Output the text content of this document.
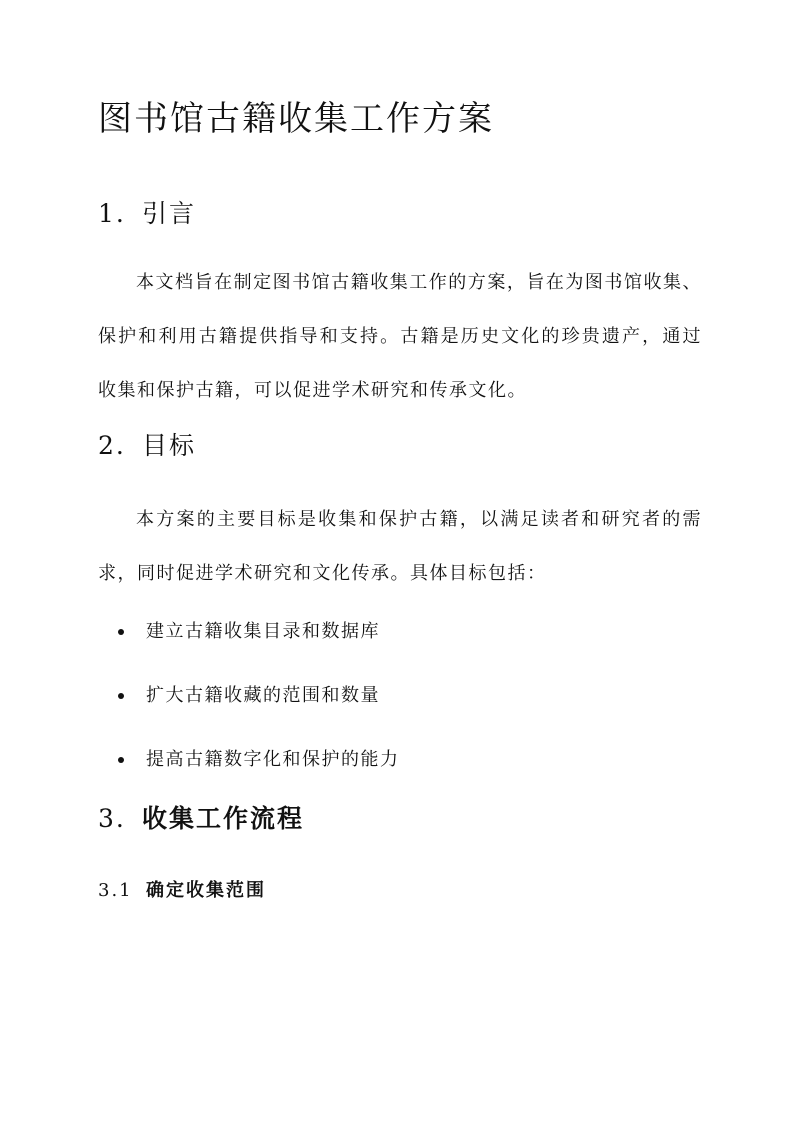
图书馆古籍收集工作方案
1. 引言

本文档旨在制定图书馆古籍收集工作的方案，旨在为图书馆收集、保护和利用古籍提供指导和支持。古籍是历史文化的珍贵遗产，通过收集和保护古籍，可以促进学术研究和传承文化。

2. 目标

本方案的主要目标是收集和保护古籍，以满足读者和研究者的需求，同时促进学术研究和文化传承。具体目标包括：

建立古籍收集目录和数据库
扩大古籍收藏的范围和数量
提高古籍数字化和保护的能力
3. 收集工作流程
3.1 确定收集范围
